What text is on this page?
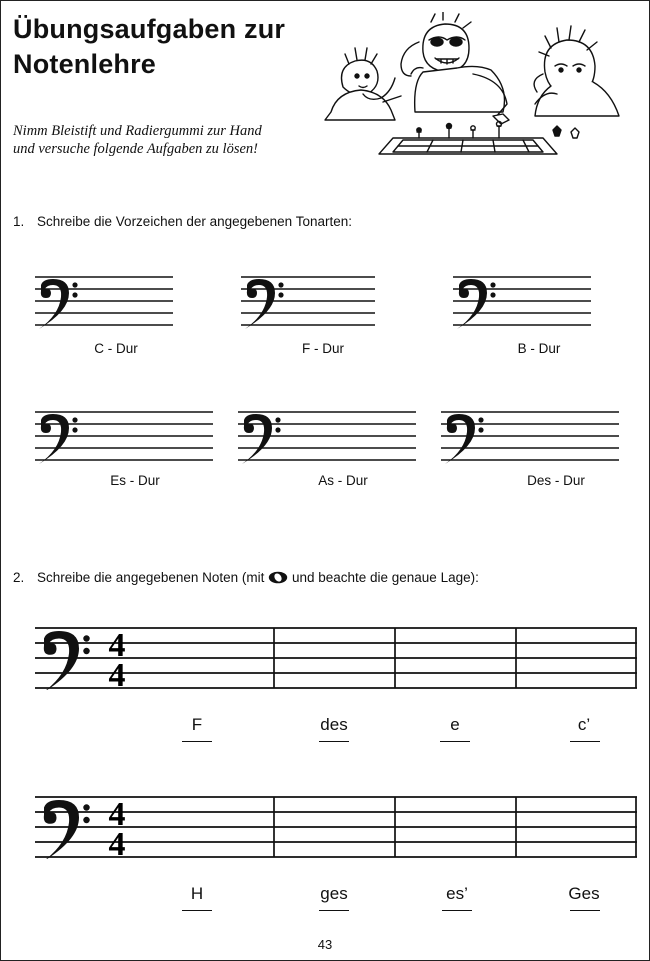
Übungsaufgaben zur
Notenlehre
Nimm Bleistift und Radiergummi zur Hand
und versuche folgende Aufgaben zu lösen!
1. Schreibe die Vorzeichen der angegebenen Tonarten:
C - Dur	F - Dur	B - Dur
Es - Dur	As - Dur	Des - Dur
2. Schreibe die angegebenen Noten (mit und beachte die genaue Lage):
4
4
F	des	e	c’
4
4
H	ges	es’	Ges
43
